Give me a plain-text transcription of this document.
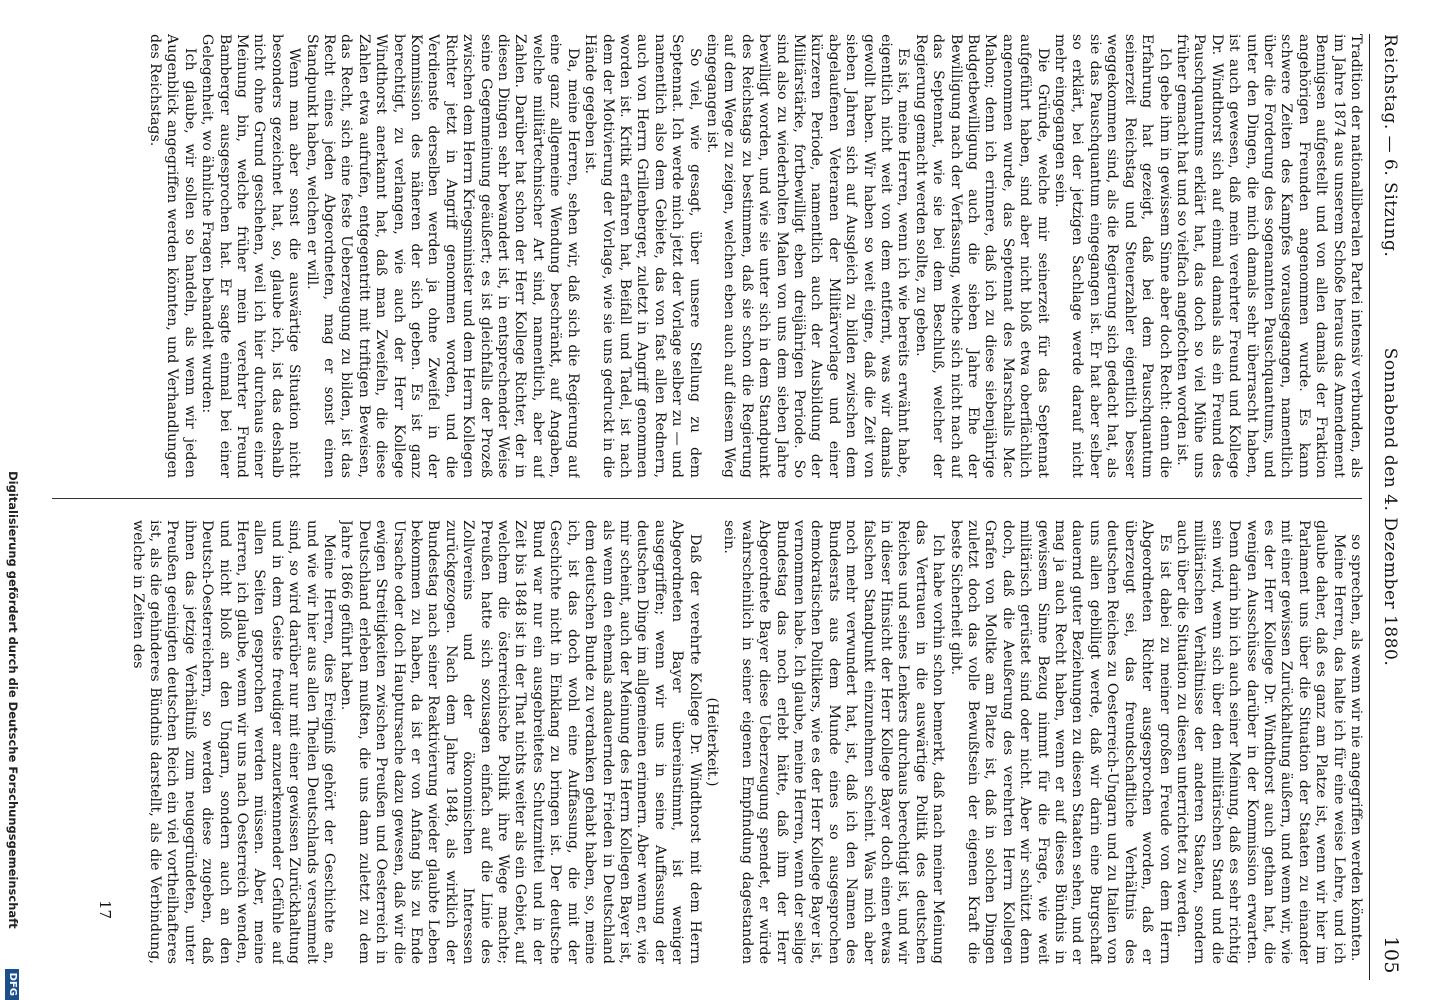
Reichstag. — 6. Sitzung.
Sonnabend den 4. Dezember 1880.
105

Tradition der nationalliberalen Partei intensiv verbunden, als im Jahre 1874 aus unserem Schoße heraus das Amendement Bennigsen aufgestellt und von allen damals der Fraktion angehörigen Freunden angenommen wurde. Es kann schwere Zeiten des Kampfes vorausgegangen, namentlich über die Forderung des sogenannten Pauschquantums, und unter den Dingen, die mich damals sehr überrascht haben, ist auch gewesen, daß mein verehrter Freund und Kollege Dr. Windthorst sich auf einmal damals als ein Freund des Pauschquantums erklärt hat, das doch so viel Mühe uns früher gemacht hat und so vielfach angefochten worden ist.

Ich gebe ihm in gewissem Sinne aber doch Recht: denn die Erfahrung hat gezeigt, daß bei dem Pauschquantum seinerzeit Reichstag und Steuerzahler eigentlich besser weggekommen sind, als die Regierung sich gedacht hat, als sie das Pauschquantum eingegangen ist. Er hat aber selber so erklärt, bei der jetzigen Sachlage werde darauf nicht mehr eingegangen sein.

Die Gründe, welche mir seinerzeit für das Septennat aufgeführt haben, sind aber nicht bloß etwa oberflächlich angenommen wurde, das Septennat des Marschalls Mac Mahon; denn ich erinnere, daß ich zu diese siebenjährige Budgetbewilligung auch die sieben Jahre Ehe der Bewilligung nach der Verfassung, welche sich nicht nach auf das Septennat, wie sie bei dem Beschluß, welcher der Regierung gemacht werden sollte, zu geben.

Es ist, meine Herren, wenn ich wie bereits erwähnt habe, eigentlich nicht weit von dem entfernt, was wir damals gewollt haben. Wir haben so weit eigne, daß die Zeit von sieben Jahren sich auf Ausgleich zu bilden zwischen dem abgelaufenen Veteranen der Militärvorlage und einer kürzeren Periode, namentlich auch der Ausbildung der Militärstärke, fortbewilligt eben dreijährigen Periode. So sind also zu wiederholten Malen von uns dem sieben Jahre bewilligt worden, und wie sie unter sich in dem Standpunkt des Reichstags zu bestimmen, daß sie schon die Regierung auf dem Wege zu zeigen, welchen eben auch auf diesem Weg eingegangen ist.

So viel, wie gesagt, über unsere Stellung zu dem Septennat. Ich werde mich jetzt der Vorlage selber zu — und namentlich also dem Gebiete, das von fast allen Rednern, auch von Herrn Grillenberger, zuletzt in Angriff genommen worden ist. Kritik erfahren hat, Beifall und Tadel, ist nach dem der Motivierung der Vorlage, wie sie uns gedruckt in die Hände gegeben ist.

Da, meine Herren, sehen wir, daß sich die Regierung auf eine ganz allgemeine Wendung beschränkt, auf Angaben, welche militärtechnischer Art sind, namentlich, aber auf Zahlen. Darüber hat schon der Herr Kollege Richter, der in diesen Dingen sehr bewandert ist, in entsprechender Weise seine Gegenmeinung geäußert; es ist gleichfalls der Prozeß zwischen dem Herrn Kriegsminister und dem Herrn Kollegen Richter jetzt in Angriff genommen worden, und die Verdienste derselben werden ja ohne Zweifel in der Kommission des näheren der sich geben. Es ist ganz berechtigt, zu verlangen, wie auch der Herr Kollege Windthorst anerkannt hat, daß man Zweifeln, die diese Zahlen etwa aufrufen, entgegentritt mit triftigen Beweisen, das Recht, sich eine feste Ueberzeugung zu bilden, ist das Recht eines jeden Abgeordneten, mag er sonst einen Standpunkt haben, welchen er will.

Wenn man aber sonst die auswärtige Situation nicht besonders gezeichnet hat, so, glaube ich, ist das deshalb nicht ohne Grund geschehen, weil ich hier durchaus einer Meinung bin, welche früher mein verehrter Freund Bamberger ausgesprochen hat. Er sagte einmal bei einer Gelegenheit, wo ähnliche Fragen behandelt wurden:

Ich glaube, wir sollen so handeln, als wenn wir jeden Augenblick angegriffen werden könnten, und Verhandlungen des Reichstags.

so sprechen, als wenn wir nie angegriffen werden könnten.

Meine Herren, das halte ich für eine weise Lehre, und ich glaube daher, daß es ganz am Platze ist, wenn wir hier im Parlament uns über die Situation der Staaten zu einander mit einer gewissen Zurückhaltung äußern, und wenn wir, wie es der Herr Kollege Dr. Windthorst auch gethan hat, die wenigen Ausschüsse darüber in der Kommission erwarten. Denn darin bin ich auch seiner Meinung, daß es sehr richtig sein wird, wenn sich über den militärischen Stand und die militärischen Verhältnisse der anderen Staaten, sondern auch über die Situation zu diesen unterrichtet zu werden.

Es ist dabei zu meiner großen Freude von dem Herrn Abgeordneten Richter ausgesprochen worden, daß er überzeugt sei, das freundschaftliche Verhältnis des deutschen Reiches zu Oesterreich-Ungarn und zu Italien von uns allen gebilligt werde, daß wir darin eine Burgschaft dauernd guter Beziehungen zu diesen Staaten sehen, und er mag ja auch Recht haben, wenn er auf dieses Bündnis in gewissem Sinne Bezug nimmt für die Frage, wie weit militärisch gerüstet sind oder nicht. Aber wir schützt denn doch, daß die Aeußerung des verehrten Herrn Kollegen Grafen von Moltke am Platze ist, daß in solchen Dingen zuletzt doch das volle Bewußtsein der eigenen Kraft die beste Sicherheit gibt.

Ich habe vorhin schon bemerkt, daß nach meiner Meinung das Vertrauen in die auswärtige Politik des deutschen Reiches und seines Lenkers durchaus berechtigt ist, und wir in dieser Hinsicht der Herr Kollege Bayer doch einen etwas falschen Standpunkt einzunehmen scheint. Was mich aber noch mehr verwundert hat, ist, daß ich den Namen des Bundesrats aus dem Munde eines so ausgesprochen demokratischen Politikers, wie es der Herr Kollege Bayer ist, vernommen habe. Ich glaube, meine Herren, wenn der selige Bundestag das noch erlebt hätte, daß ihm der Herr Abgeordnete Bayer diese Ueberzeugung spendet, er würde wahrscheinlich in seiner eigenen Empfindung dagestanden sein.

(Heiterkeit.)

Daß der verehrte Kollege Dr. Windthorst mit dem Herrn Abgeordneten Bayer übereinstimmt, ist weniger ausgegriffen; wenn wir uns in seine Auffassung der deutschen Dinge im allgemeinen erinnern. Aber wenn er, wie mir scheint, auch der Meinung des Herrn Kollegen Bayer ist, als wenn den ehemals andauernden Frieden in Deutschland dem deutschen Bunde zu verdanken gehabt haben, so, meine ich, ist das doch wohl eine Auffassung, die mit der Geschichte nicht in Einklang zu bringen ist. Der deutsche Bund war nur ein ausgebreitetes Schutzmittel und in der Zeit bis 1848 ist in der That nichts weiter als ein Gebiet, auf welchem die österreichische Politik ihre Wege machte; Preußen hatte sich sozusagen einfach auf die Linie des Zollvereins und der ökonomischen Interessen zurückgezogen. Nach dem Jahre 1848, als wirklich der Bundestag nach seiner Reaktivierung wieder glaubte Leben bekommen zu haben, da ist er von Anfang bis zu Ende Ursache oder doch Hauptursache dazu gewesen, daß wir die ewigen Streitigkeiten zwischen Preußen und Oesterreich in Deutschland erleben mußten, die uns dann zuletzt zu dem Jahre 1866 geführt haben.

Meine Herren, dies Ereigniß gehört der Geschichte an, und wie wir hier aus allen Theilen Deutschlands versammelt sind, so wird darüber nur mit einer gewissen Zurückhaltung und in dem Geiste freudiger anzuerkennender Gefühle auf allen Seiten gesprochen werden müssen. Aber, meine Herren, ich glaube, wenn wir uns nach Oesterreich wenden, und nicht bloß an den Ungarn, sondern auch an den Deutsch-Oesterreichern, so werden diese zugeben, daß ihnen das jetzige Verhältniß zum neugegründeten, unter Preußen geeinigten deutschen Reich ein viel vortheilhafteres ist, als die gehinderes Bündnis darstellt, als die Verbindung, welche in Zeiten des

17
Digitalisierung gefördert durch die Deutsche ForschungsgemeinschaftDFG
